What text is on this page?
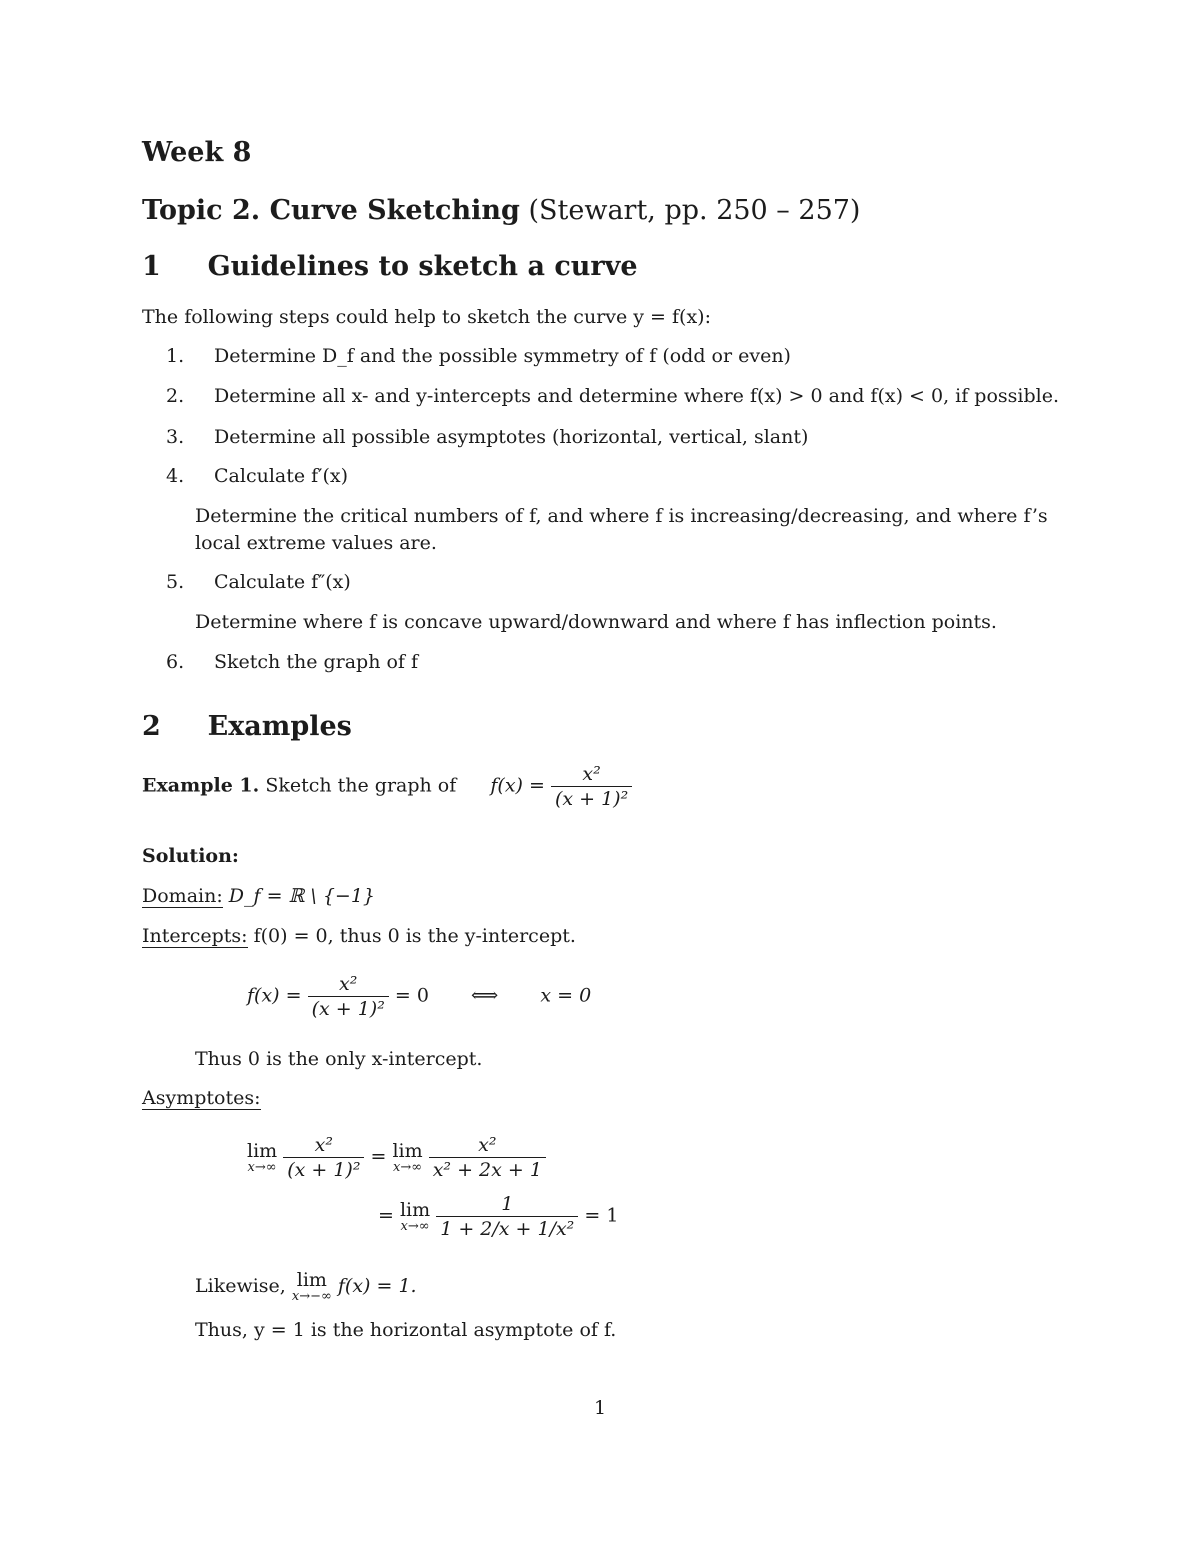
Week 8
Topic 2. Curve Sketching (Stewart, pp. 250 – 257)
1 Guidelines to sketch a curve
The following steps could help to sketch the curve y = f(x):
1. Determine D_f and the possible symmetry of f (odd or even)
2. Determine all x- and y-intercepts and determine where f(x) > 0 and f(x) < 0, if possible.
3. Determine all possible asymptotes (horizontal, vertical, slant)
4. Calculate f′(x)
Determine the critical numbers of f, and where f is increasing/decreasing, and where f’s
local extreme values are.
5. Calculate f″(x)
Determine where f is concave upward/downward and where f has inflection points.
6. Sketch the graph of f
2 Examples
Example 1. Sketch the graph of $f(x) = \frac{\text{x²}}{\text{(x + 1)²}}$
Solution:
Domain: D_f = ℝ \ {−1}
Intercepts: f(0) = 0, thus 0 is the y-intercept.
$f(x) = \frac{\text{x²}}{\text{(x + 1)²}} = 0$ ⟺ x = 0
Thus 0 is the only x-intercept.
Asymptotes:
lim
x→∞
$\frac{\text{x²}}{\text{(x + 1)²}} = \lim$
x→∞
$\frac{\text{x²}}{\text{x² + 2x + 1}}$
= lim
x→∞
$\frac{1}{\text{1 + 2/x + 1/x²}} = 1$
Likewise, lim
x→−∞ f(x) = 1.
Thus, y = 1 is the horizontal asymptote of f.
1
